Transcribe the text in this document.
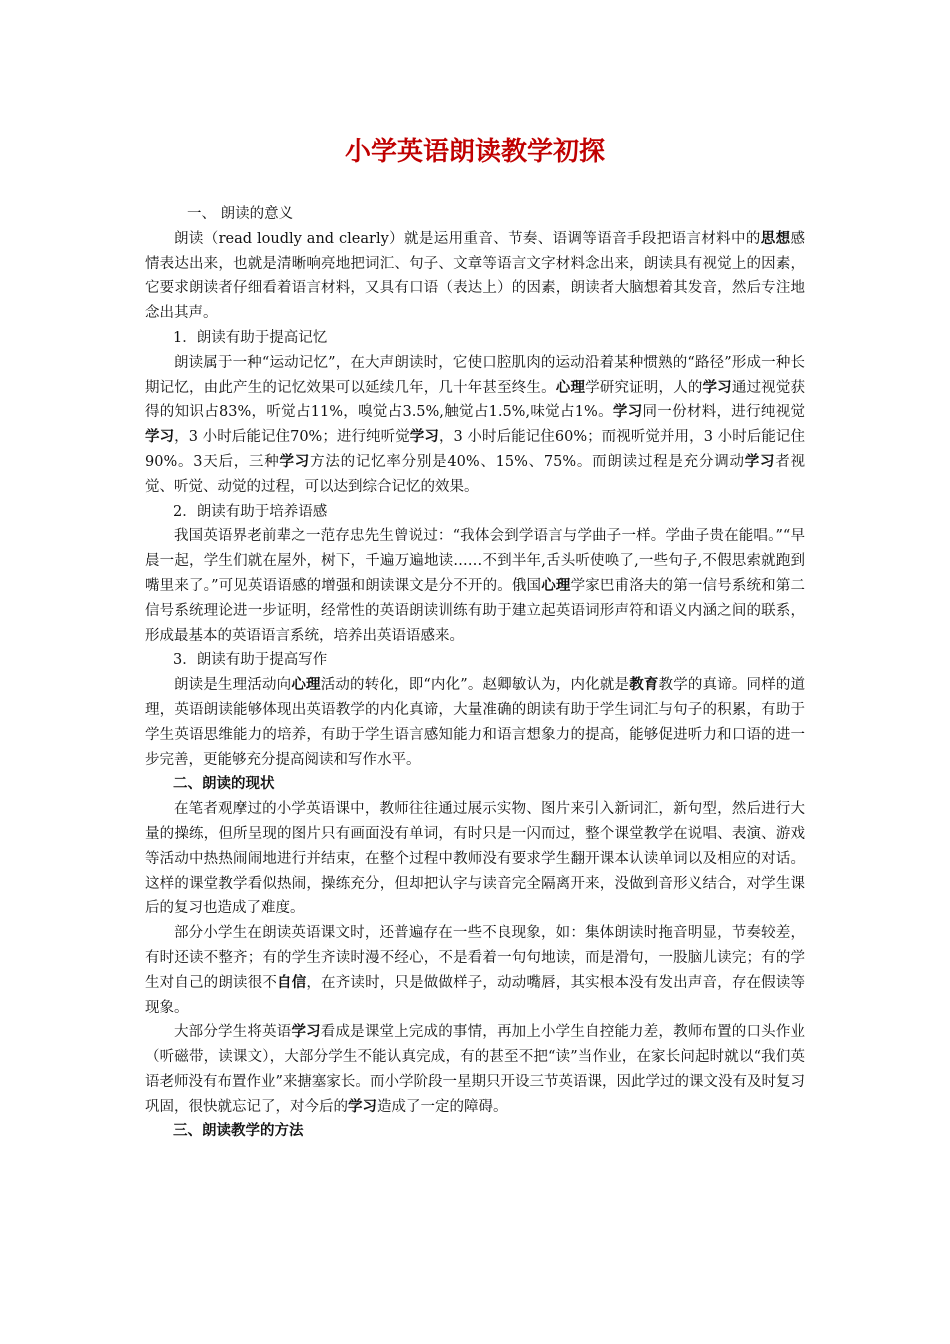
小学英语朗读教学初探

一、 朗读的意义

朗读（read loudly and clearly）就是运用重音、节奏、语调等语音手段把语言材料中的思想感情表达出来，也就是清晰响亮地把词汇、句子、文章等语言文字材料念出来，朗读具有视觉上的因素，它要求朗读者仔细看着语言材料，又具有口语（表达上）的因素，朗读者大脑想着其发音，然后专注地念出其声。

1．朗读有助于提高记忆

朗读属于一种“运动记忆”，在大声朗读时，它使口腔肌肉的运动沿着某种惯熟的“路径”形成一种长期记忆，由此产生的记忆效果可以延续几年，几十年甚至终生。心理学研究证明，人的学习通过视觉获得的知识占83%，听觉占11%，嗅觉占3.5%,触觉占1.5%,味觉占1%。学习同一份材料，进行纯视觉学习，3 小时后能记住70%；进行纯听觉学习，3 小时后能记住60%；而视听觉并用，3 小时后能记住90%。3天后，三种学习方法的记忆率分别是40%、15%、75%。而朗读过程是充分调动学习者视觉、听觉、动觉的过程，可以达到综合记忆的效果。

2．朗读有助于培养语感

我国英语界老前辈之一范存忠先生曾说过：“我体会到学语言与学曲子一样。学曲子贵在能唱。”“早晨一起，学生们就在屋外，树下，千遍万遍地读……不到半年,舌头听使唤了,一些句子,不假思索就跑到嘴里来了。”可见英语语感的增强和朗读课文是分不开的。俄国心理学家巴甫洛夫的第一信号系统和第二信号系统理论进一步证明，经常性的英语朗读训练有助于建立起英语词形声符和语义内涵之间的联系，形成最基本的英语语言系统，培养出英语语感来。

3．朗读有助于提高写作

朗读是生理活动向心理活动的转化，即“内化”。赵卿敏认为，内化就是教育教学的真谛。同样的道理，英语朗读能够体现出英语教学的内化真谛，大量准确的朗读有助于学生词汇与句子的积累，有助于学生英语思维能力的培养，有助于学生语言感知能力和语言想象力的提高，能够促进听力和口语的进一步完善，更能够充分提高阅读和写作水平。

二、朗读的现状

在笔者观摩过的小学英语课中，教师往往通过展示实物、图片来引入新词汇，新句型，然后进行大量的操练，但所呈现的图片只有画面没有单词，有时只是一闪而过，整个课堂教学在说唱、表演、游戏等活动中热热闹闹地进行并结束，在整个过程中教师没有要求学生翻开课本认读单词以及相应的对话。这样的课堂教学看似热闹，操练充分，但却把认字与读音完全隔离开来，没做到音形义结合，对学生课后的复习也造成了难度。

部分小学生在朗读英语课文时，还普遍存在一些不良现象，如：集体朗读时拖音明显，节奏较差，有时还读不整齐；有的学生齐读时漫不经心，不是看着一句句地读，而是滑句，一股脑儿读完；有的学生对自己的朗读很不自信，在齐读时，只是做做样子，动动嘴唇，其实根本没有发出声音，存在假读等现象。

大部分学生将英语学习看成是课堂上完成的事情，再加上小学生自控能力差，教师布置的口头作业（听磁带，读课文），大部分学生不能认真完成，有的甚至不把“读”当作业，在家长问起时就以“我们英语老师没有布置作业”来搪塞家长。而小学阶段一星期只开设三节英语课，因此学过的课文没有及时复习巩固，很快就忘记了，对今后的学习造成了一定的障碍。

三、朗读教学的方法
